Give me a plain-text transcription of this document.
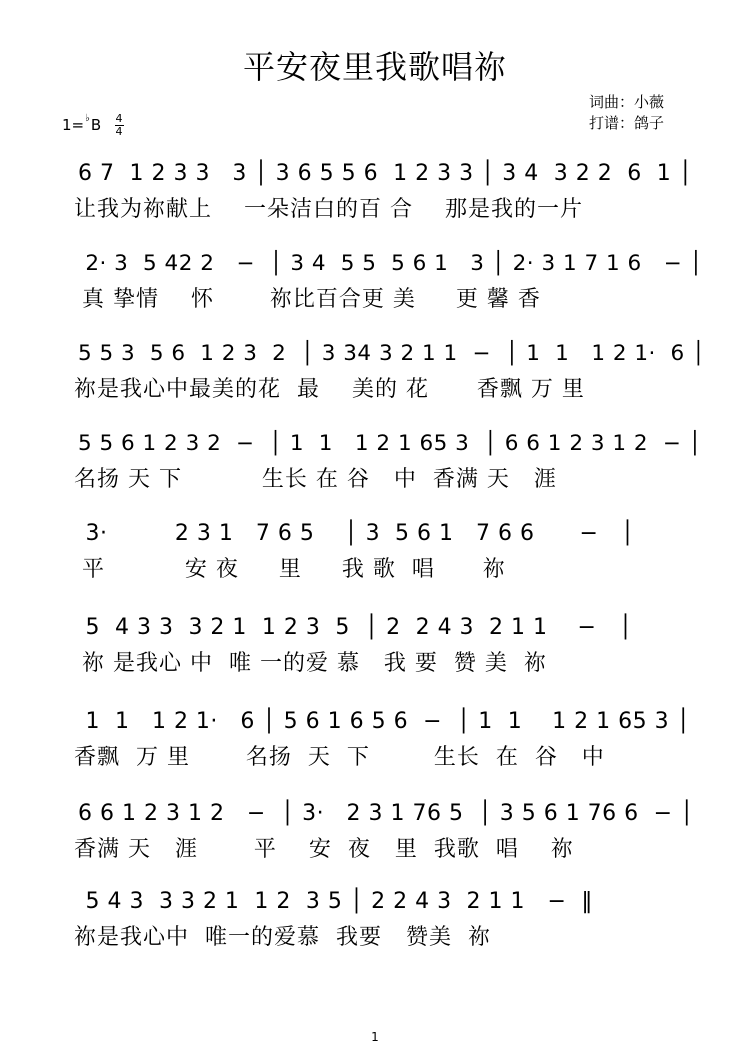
平安夜里我歌唱祢
词曲：小薇
打谱：鸽子
1=♭B 4
4
6 7  1 2 3 3   3 │ 3 6 5 5 6  1 2 3 3 │ 3 4  3 2 2  6  1 │
让我为祢献上    一朵洁白的百 合    那是我的一片
2· 3  5 42 2   −  │ 3 4  5 5  5 6 1   3 │ 2· 3 1 7 1 6   − │
真 挚情    怀       祢比百合更 美     更 馨 香
5 5 3  5 6  1 2 3  2  │ 3 34 3 2 1 1  −  │ 1  1   1 2 1·  6 │
祢是我心中最美的花  最    美的 花      香飘 万 里
5 5 6 1 2 3 2  −  │ 1  1   1 2 1 65 3  │ 6 6 1 2 3 1 2  − │
名扬 天 下          生长 在 谷   中  香满 天   涯
3·         2 3 1   7 6 5    │ 3  5 6 1   7 6 6      −   │
平          安 夜     里     我 歌  唱      祢
5  4 3 3  3 2 1  1 2 3  5  │ 2  2 4 3  2 1 1    −   │
祢 是我心 中  唯 一的爱 慕   我 要  赞 美  祢
1  1   1 2 1·   6 │ 5 6 1 6 5 6  −  │ 1  1    1 2 1 65 3 │
香飘  万 里       名扬  天  下        生长  在  谷   中
6 6 1 2 3 1 2   −  │ 3·   2 3 1 76 5  │ 3 5 6 1 76 6  − │
香满 天   涯       平    安  夜   里  我歌  唱    祢
5 4 3  3 3 2 1  1 2  3 5 │ 2 2 4 3  2 1 1   −  ‖
祢是我心中  唯一的爱慕  我要   赞美  祢
1
